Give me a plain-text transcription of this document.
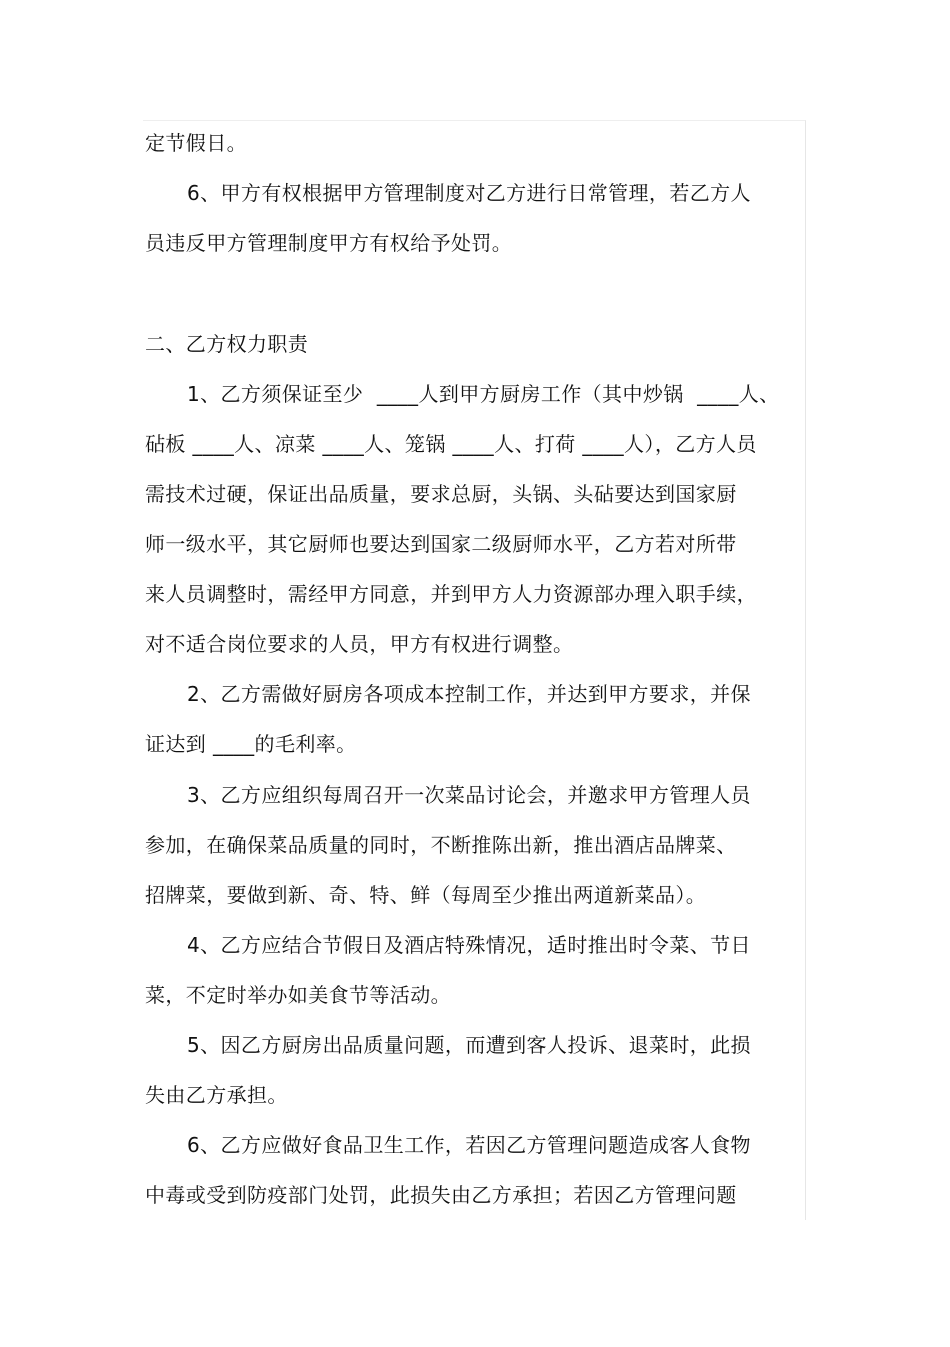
定节假日。
6、甲方有权根据甲方管理制度对乙方进行日常管理，若乙方人
员违反甲方管理制度甲方有权给予处罚。
二、乙方权力职责
1、乙方须保证至少  ____人到甲方厨房工作（其中炒锅  ____人、
砧板 ____人、凉菜 ____人、笼锅 ____人、打荷 ____人），乙方人员
需技术过硬，保证出品质量，要求总厨，头锅、头砧要达到国家厨
师一级水平，其它厨师也要达到国家二级厨师水平，乙方若对所带
来人员调整时，需经甲方同意，并到甲方人力资源部办理入职手续，
对不适合岗位要求的人员，甲方有权进行调整。
2、乙方需做好厨房各项成本控制工作，并达到甲方要求，并保
证达到 ____的毛利率。
3、乙方应组织每周召开一次菜品讨论会，并邀求甲方管理人员
参加，在确保菜品质量的同时，不断推陈出新，推出酒店品牌菜、
招牌菜，要做到新、奇、特、鲜（每周至少推出两道新菜品）。
4、乙方应结合节假日及酒店特殊情况，适时推出时令菜、节日
菜，不定时举办如美食节等活动。
5、因乙方厨房出品质量问题，而遭到客人投诉、退菜时，此损
失由乙方承担。
6、乙方应做好食品卫生工作，若因乙方管理问题造成客人食物
中毒或受到防疫部门处罚，此损失由乙方承担；若因乙方管理问题
